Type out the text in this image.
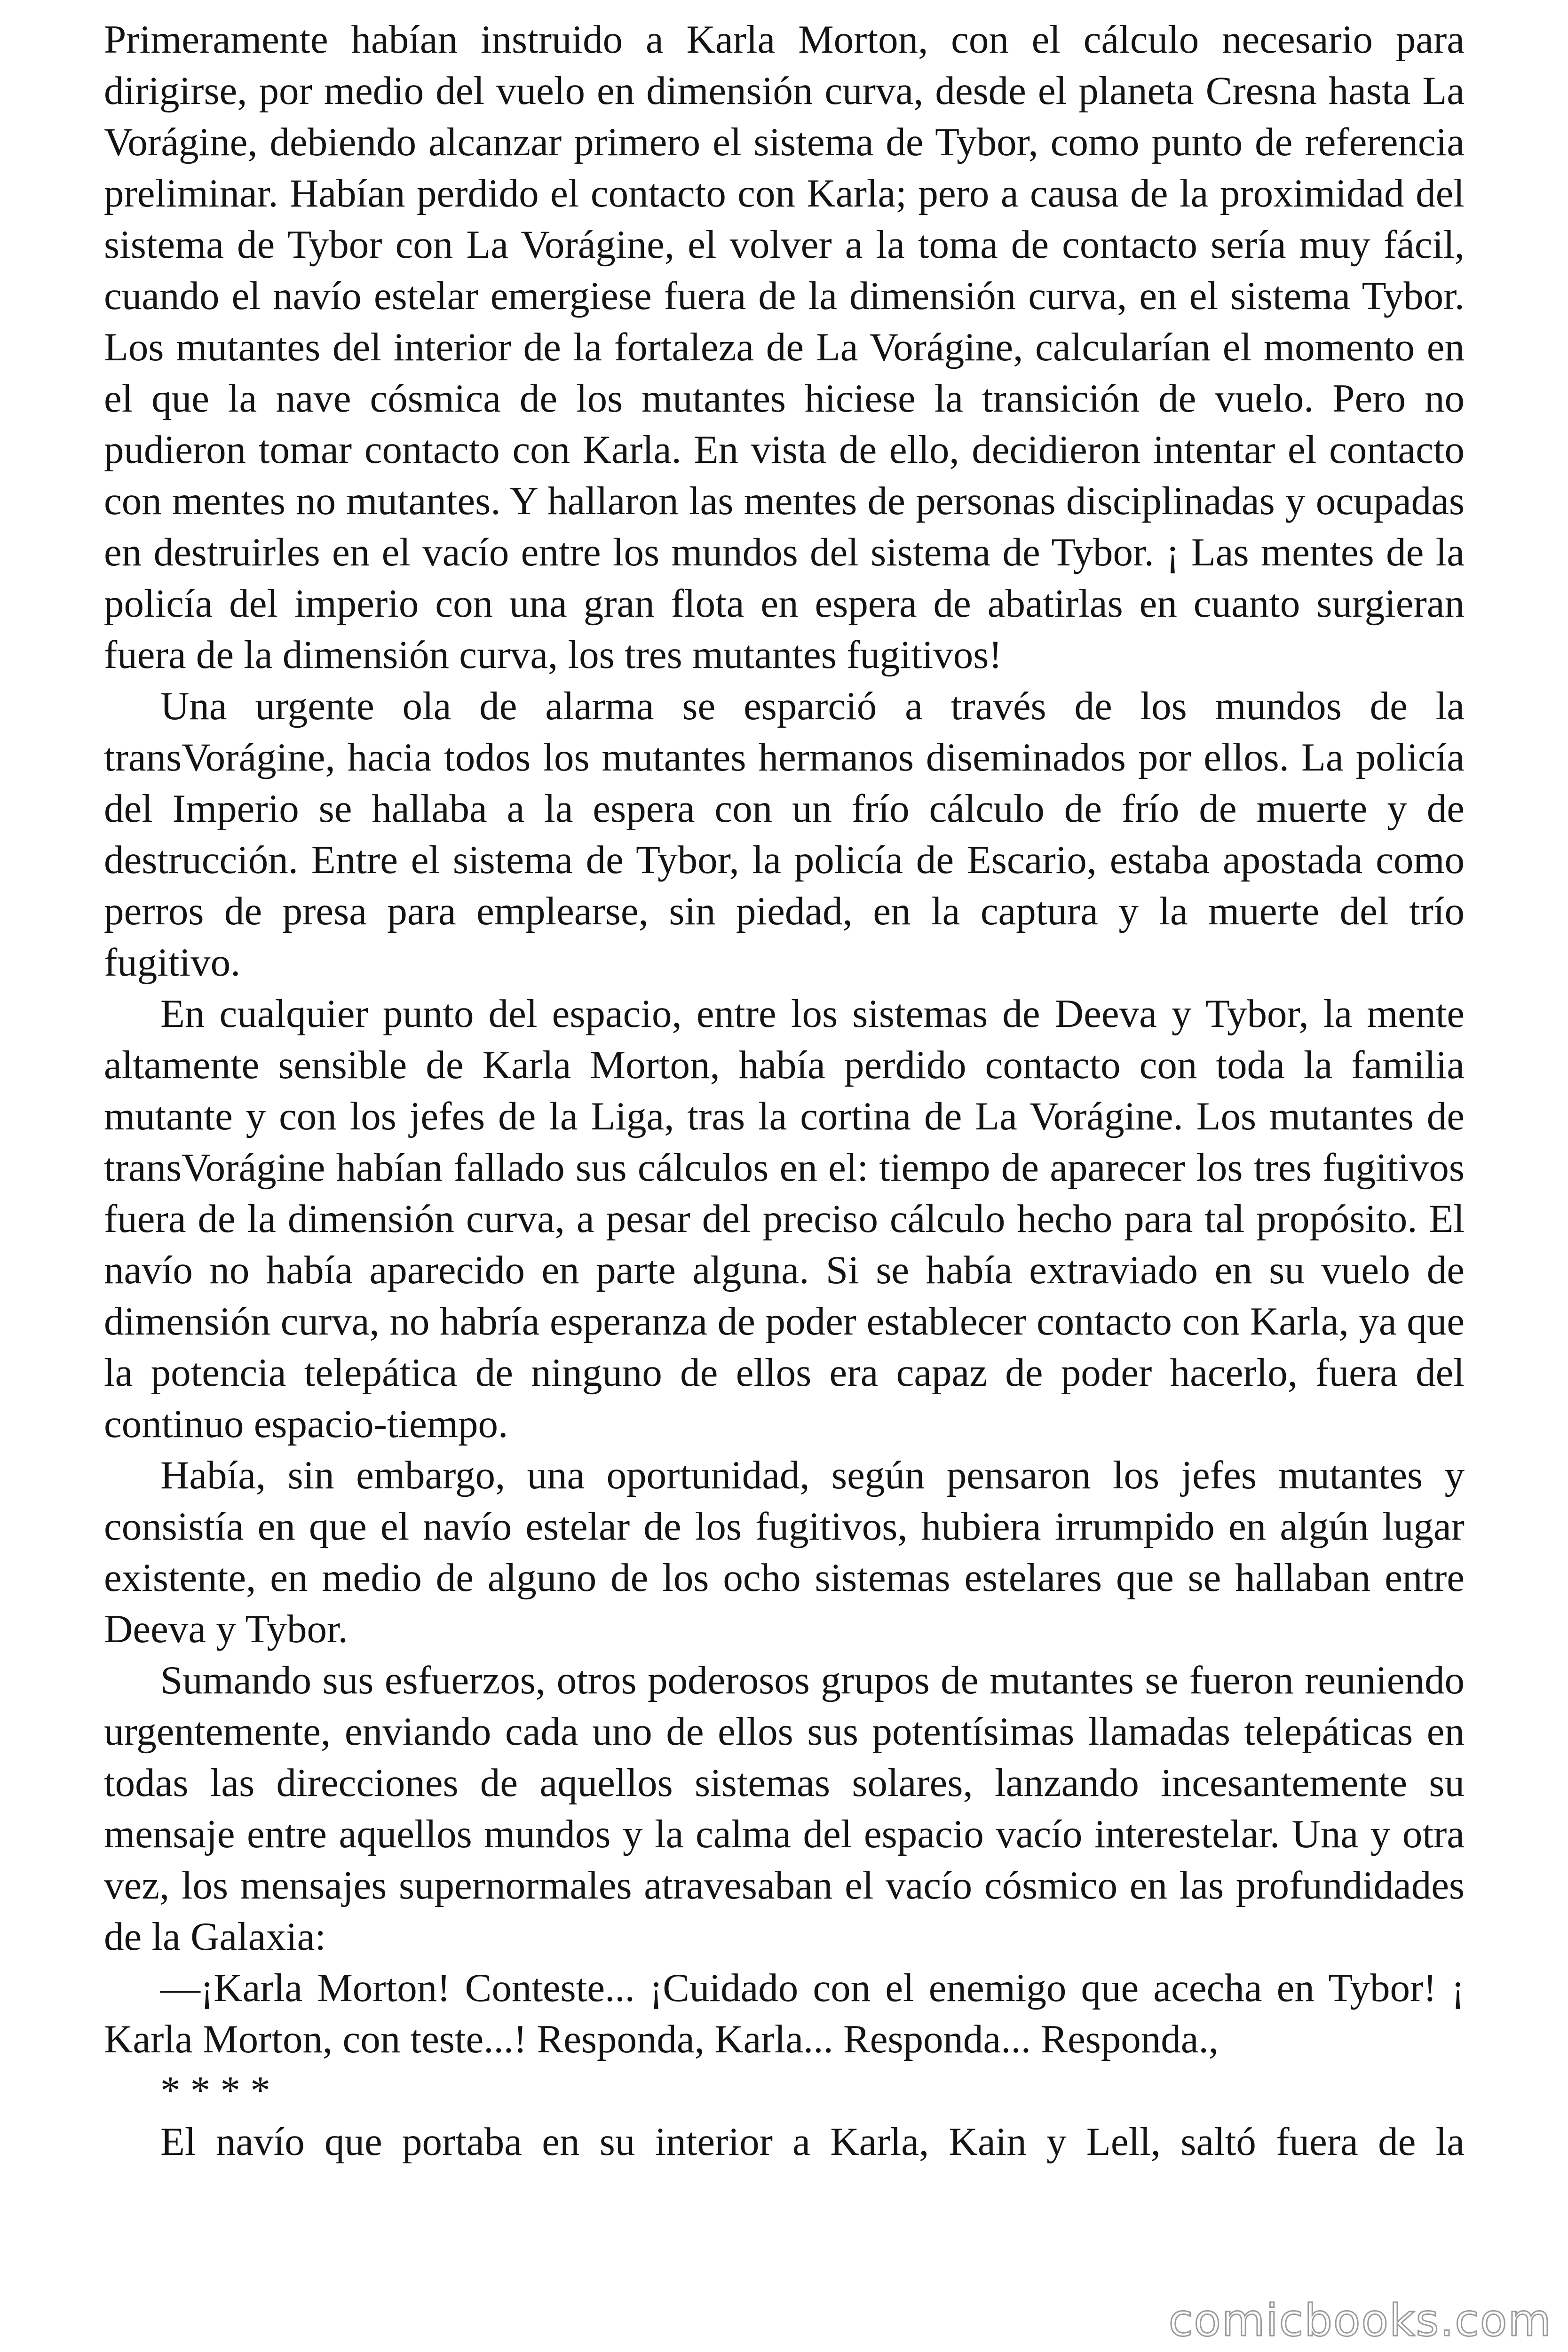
Primeramente habían instruido a Karla Morton, con el cálculo necesario para dirigirse, por medio del vuelo en dimensión curva, desde el planeta Cresna hasta La Vorágine, debiendo alcanzar primero el sistema de Tybor, como punto de referencia preliminar. Habían perdido el contacto con Karla; pero a causa de la proximidad del sistema de Tybor con La Vorágine, el volver a la toma de contacto sería muy fácil, cuando el navío estelar emergiese fuera de la dimensión curva, en el sistema Tybor. Los mutantes del interior de la fortaleza de La Vorágine, calcularían el momento en el que la nave cósmica de los mutantes hiciese la transición de vuelo. Pero no pudieron tomar contacto con Karla. En vista de ello, decidieron intentar el contacto con mentes no mutantes. Y hallaron las mentes de personas disciplinadas y ocupadas en destruirles en el vacío entre los mundos del sistema de Tybor. ¡ Las mentes de la policía del imperio con una gran flota en espera de abatirlas en cuanto surgieran fuera de la dimensión curva, los tres mutantes fugitivos!

Una urgente ola de alarma se esparció a través de los mundos de la transVorágine, hacia todos los mutantes hermanos diseminados por ellos. La policía del Imperio se hallaba a la espera con un frío cálculo de frío de muerte y de destrucción. Entre el sistema de Tybor, la policía de Escario, estaba apostada como perros de presa para emplearse, sin piedad, en la captura y la muerte del trío fugitivo.

En cualquier punto del espacio, entre los sistemas de Deeva y Tybor, la mente altamente sensible de Karla Morton, había perdido contacto con toda la familia mutante y con los jefes de la Liga, tras la cortina de La Vorágine. Los mutantes de transVorágine habían fallado sus cálculos en el: tiempo de aparecer los tres fugitivos fuera de la dimensión curva, a pesar del preciso cálculo hecho para tal propósito. El navío no había aparecido en parte alguna. Si se había extraviado en su vuelo de dimensión curva, no habría esperanza de poder establecer contacto con Karla, ya que la potencia telepática de ninguno de ellos era capaz de poder hacerlo, fuera del continuo espacio-tiempo.

Había, sin embargo, una oportunidad, según pensaron los jefes mutantes y consistía en que el navío estelar de los fugitivos, hubiera irrumpido en algún lugar existente, en medio de alguno de los ocho sistemas estelares que se hallaban entre Deeva y Tybor.

Sumando sus esfuerzos, otros poderosos grupos de mutantes se fueron reuniendo urgentemente, enviando cada uno de ellos sus potentísimas llamadas telepáticas en todas las direcciones de aquellos sistemas solares, lanzando incesantemente su mensaje entre aquellos mundos y la calma del espacio vacío interestelar. Una y otra vez, los mensajes supernormales atravesaban el vacío cósmico en las profundidades de la Galaxia:

—¡Karla Morton! Conteste... ¡Cuidado con el enemigo que acecha en Tybor! ¡ Karla Morton, con teste...! Responda, Karla... Responda... Responda.,

* * * *

El navío que portaba en su interior a Karla, Kain y Lell, saltó fuera de la

comicbooks.com
